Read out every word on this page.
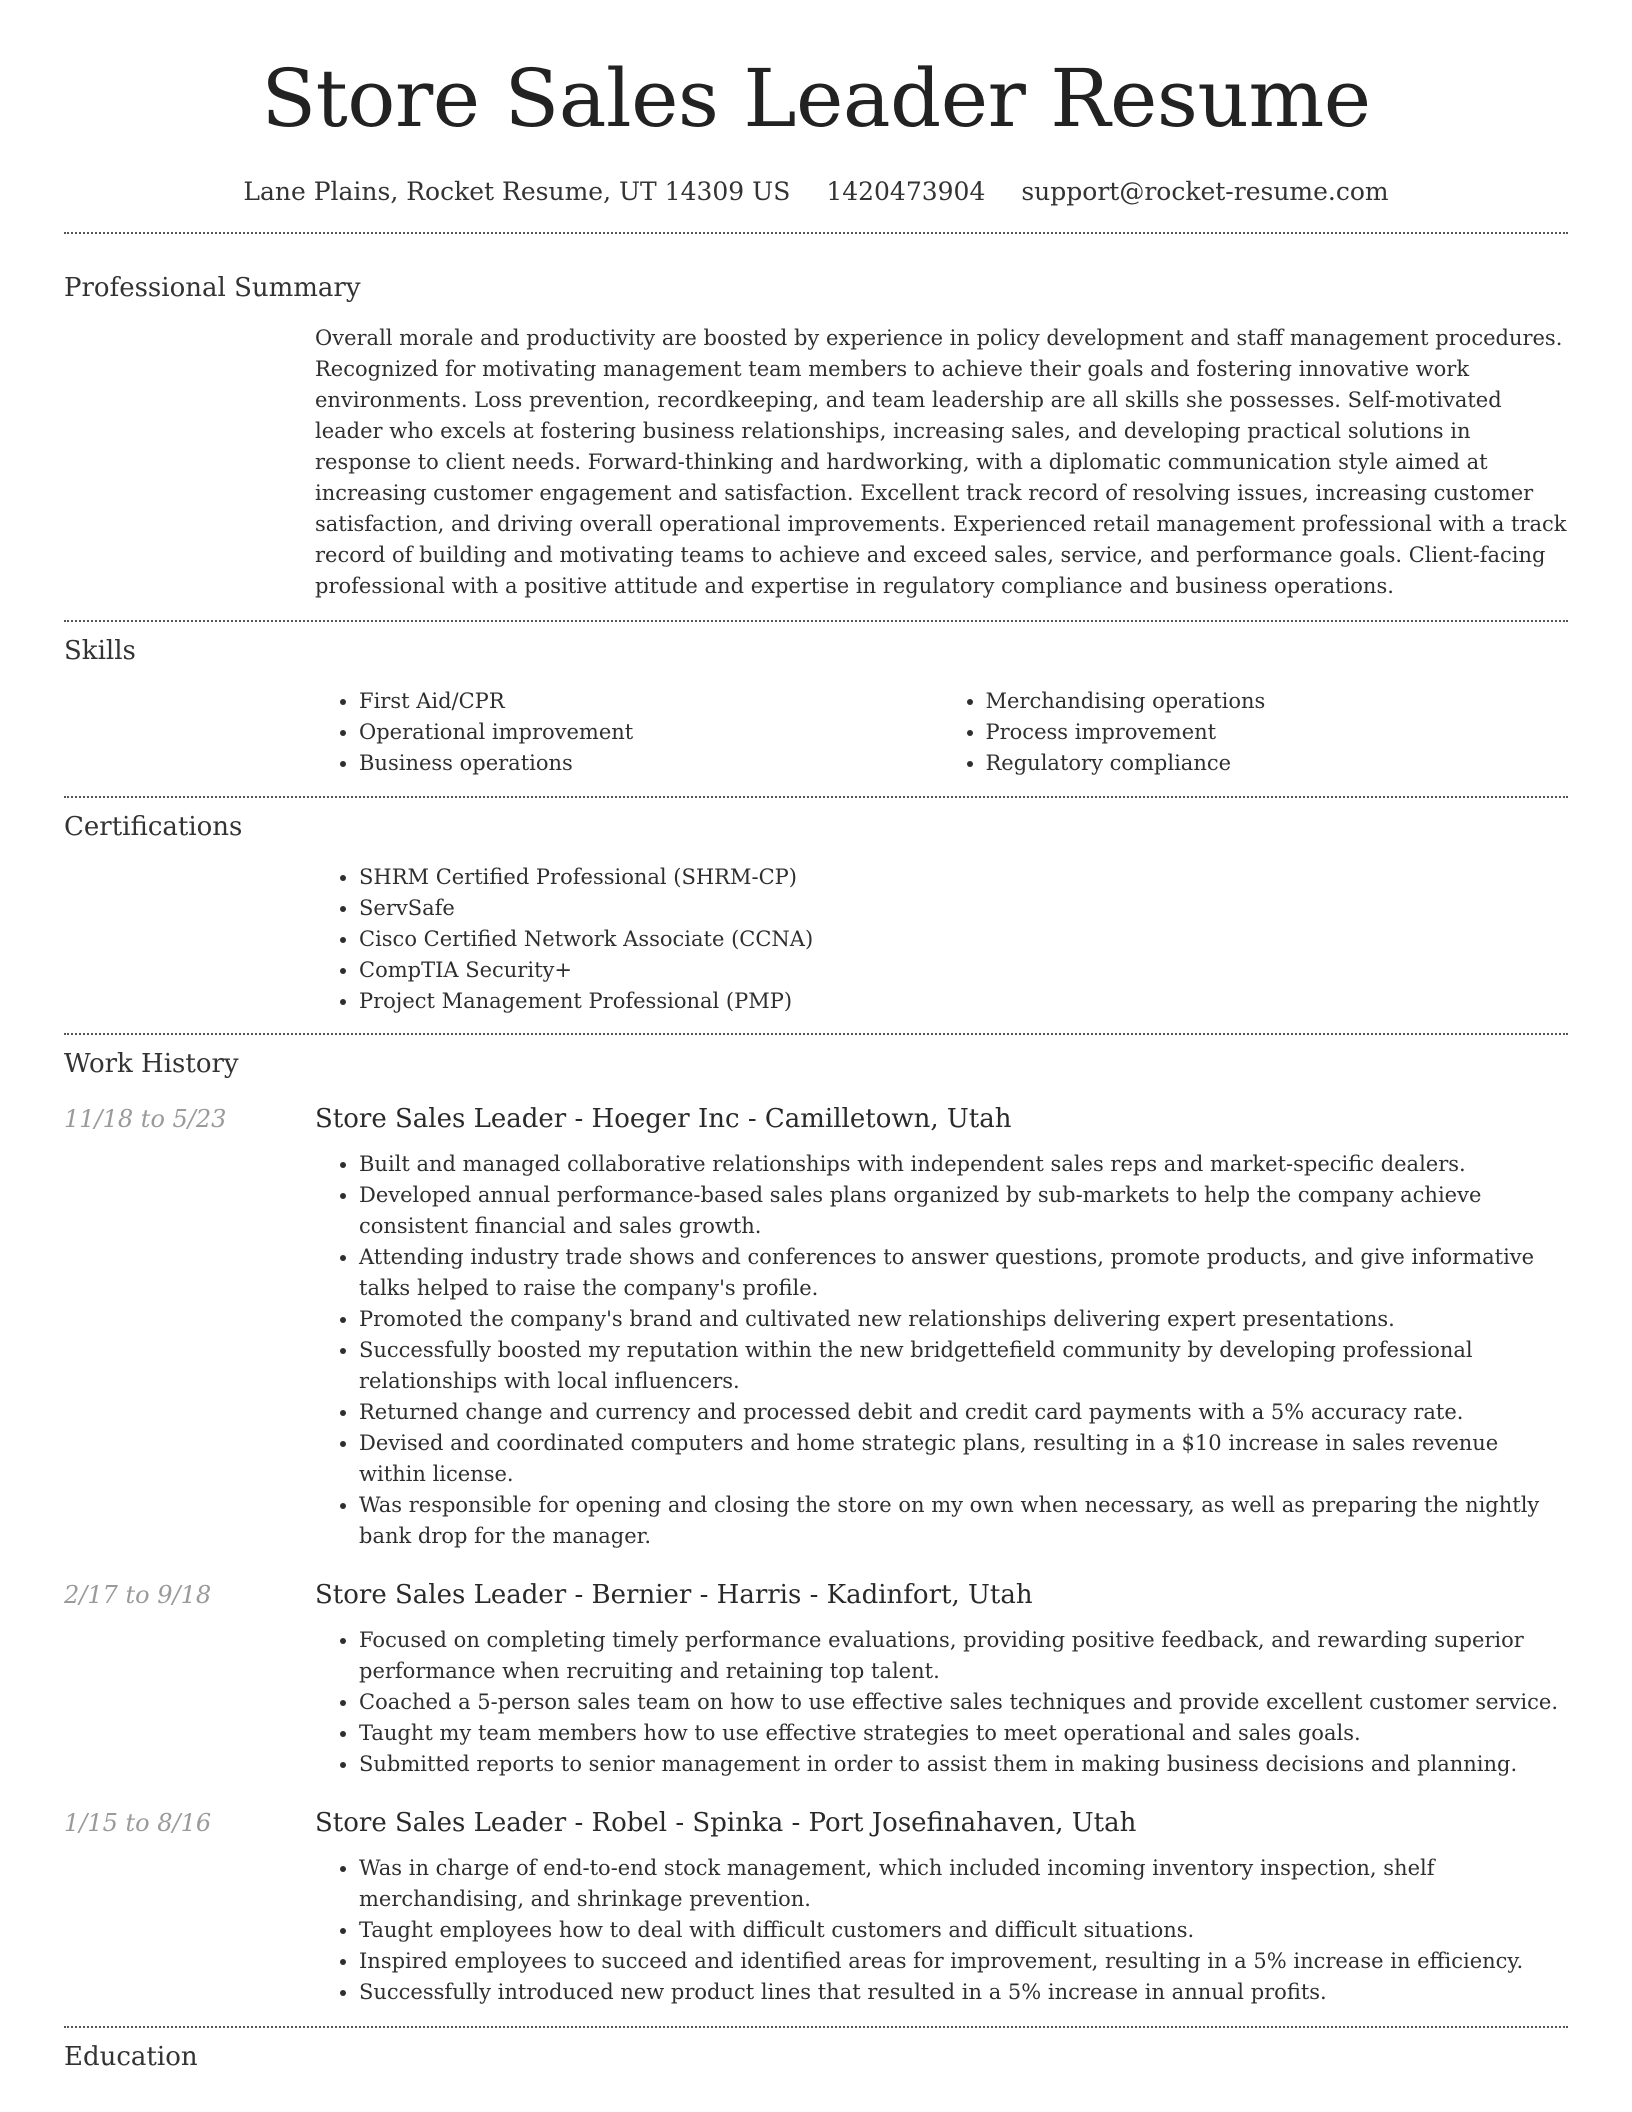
Store Sales Leader Resume
Lane Plains, Rocket Resume, UT 14309 US 1420473904 support@rocket-resume.com
Professional Summary
Overall morale and productivity are boosted by experience in policy development and staff management procedures. Recognized for motivating management team members to achieve their goals and fostering innovative work environments. Loss prevention, recordkeeping, and team leadership are all skills she possesses. Self-motivated leader who excels at fostering business relationships, increasing sales, and developing practical solutions in response to client needs. Forward-thinking and hardworking, with a diplomatic communication style aimed at increasing customer engagement and satisfaction. Excellent track record of resolving issues, increasing customer satisfaction, and driving overall operational improvements. Experienced retail management professional with a track record of building and motivating teams to achieve and exceed sales, service, and performance goals. Client-facing professional with a positive attitude and expertise in regulatory compliance and business operations.
Skills
• First Aid/CPR
• Operational improvement
• Business operations
• Merchandising operations
• Process improvement
• Regulatory compliance
Certifications
• SHRM Certified Professional (SHRM-CP)
• ServSafe
• Cisco Certified Network Associate (CCNA)
• CompTIA Security+
• Project Management Professional (PMP)
Work History
11/18 to 5/23	Store Sales Leader - Hoeger Inc - Camilletown, Utah
• Built and managed collaborative relationships with independent sales reps and market-specific dealers.
• Developed annual performance-based sales plans organized by sub-markets to help the company achieve consistent financial and sales growth.
• Attending industry trade shows and conferences to answer questions, promote products, and give informative talks helped to raise the company's profile.
• Promoted the company's brand and cultivated new relationships delivering expert presentations.
• Successfully boosted my reputation within the new bridgettefield community by developing professional relationships with local influencers.
• Returned change and currency and processed debit and credit card payments with a 5% accuracy rate.
• Devised and coordinated computers and home strategic plans, resulting in a $10 increase in sales revenue within license.
• Was responsible for opening and closing the store on my own when necessary, as well as preparing the nightly bank drop for the manager.
2/17 to 9/18	Store Sales Leader - Bernier - Harris - Kadinfort, Utah
• Focused on completing timely performance evaluations, providing positive feedback, and rewarding superior performance when recruiting and retaining top talent.
• Coached a 5-person sales team on how to use effective sales techniques and provide excellent customer service.
• Taught my team members how to use effective strategies to meet operational and sales goals.
• Submitted reports to senior management in order to assist them in making business decisions and planning.
1/15 to 8/16	Store Sales Leader - Robel - Spinka - Port Josefinahaven, Utah
• Was in charge of end-to-end stock management, which included incoming inventory inspection, shelf merchandising, and shrinkage prevention.
• Taught employees how to deal with difficult customers and difficult situations.
• Inspired employees to succeed and identified areas for improvement, resulting in a 5% increase in efficiency.
• Successfully introduced new product lines that resulted in a 5% increase in annual profits.
Education
